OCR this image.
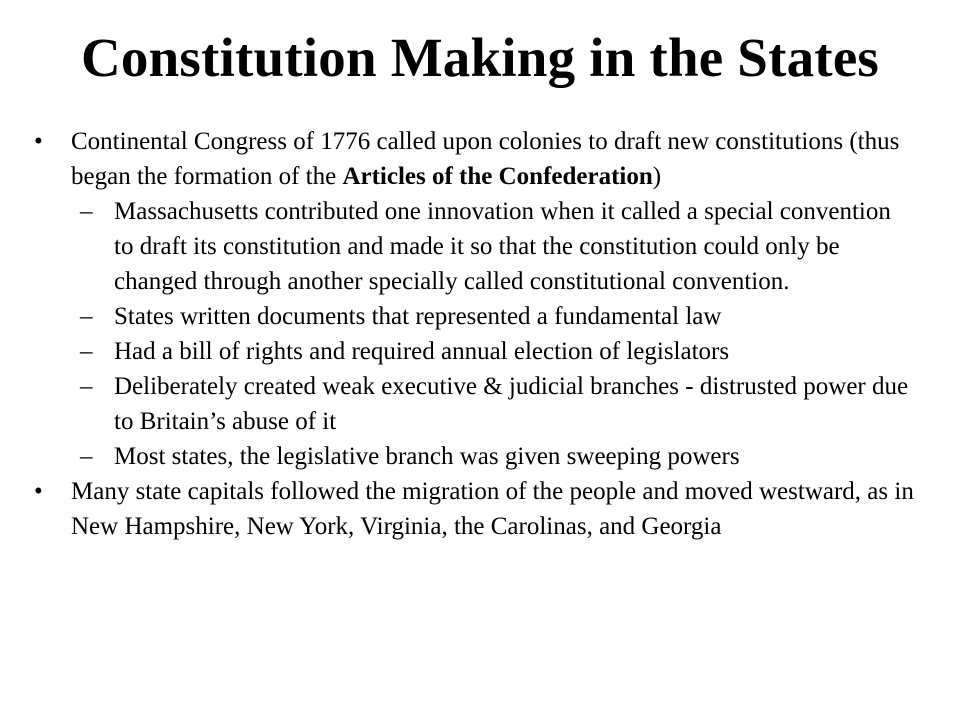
Constitution Making in the States
• Continental Congress of 1776 called upon colonies to draft new constitutions (thus began the formation of the Articles of the Confederation)
– Massachusetts contributed one innovation when it called a special convention to draft its constitution and made it so that the constitution could only be changed through another specially called constitutional convention.
– States written documents that represented a fundamental law
– Had a bill of rights and required annual election of legislators
– Deliberately created weak executive & judicial branches - distrusted power due to Britain’s abuse of it
– Most states, the legislative branch was given sweeping powers
• Many state capitals followed the migration of the people and moved westward, as in New Hampshire, New York, Virginia, the Carolinas, and Georgia
